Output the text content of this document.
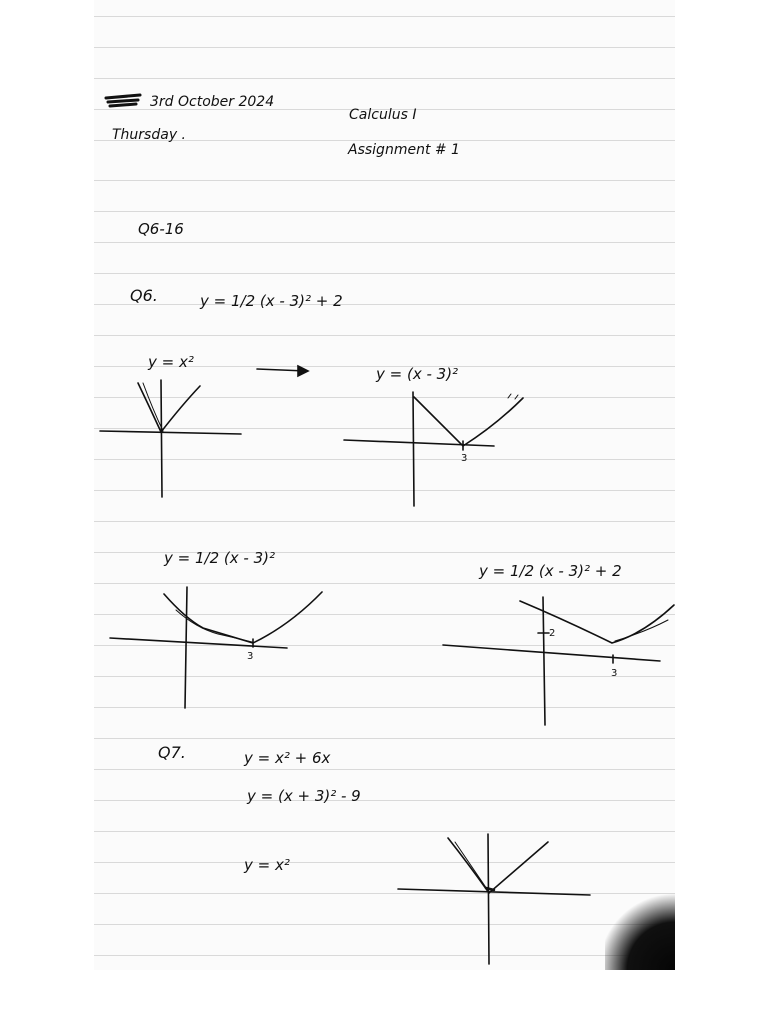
3rd October 2024
Thursday .
Calculus I
Assignment # 1
Q6-16
Q6.	y = 1/2 (x - 3)² + 2
y = x²
y = (x - 3)²
y = 1/2 (x - 3)²
y = 1/2 (x - 3)² + 2
3
3
3
2
Q7.	y = x² + 6x
y = (x + 3)² - 9
y = x²
